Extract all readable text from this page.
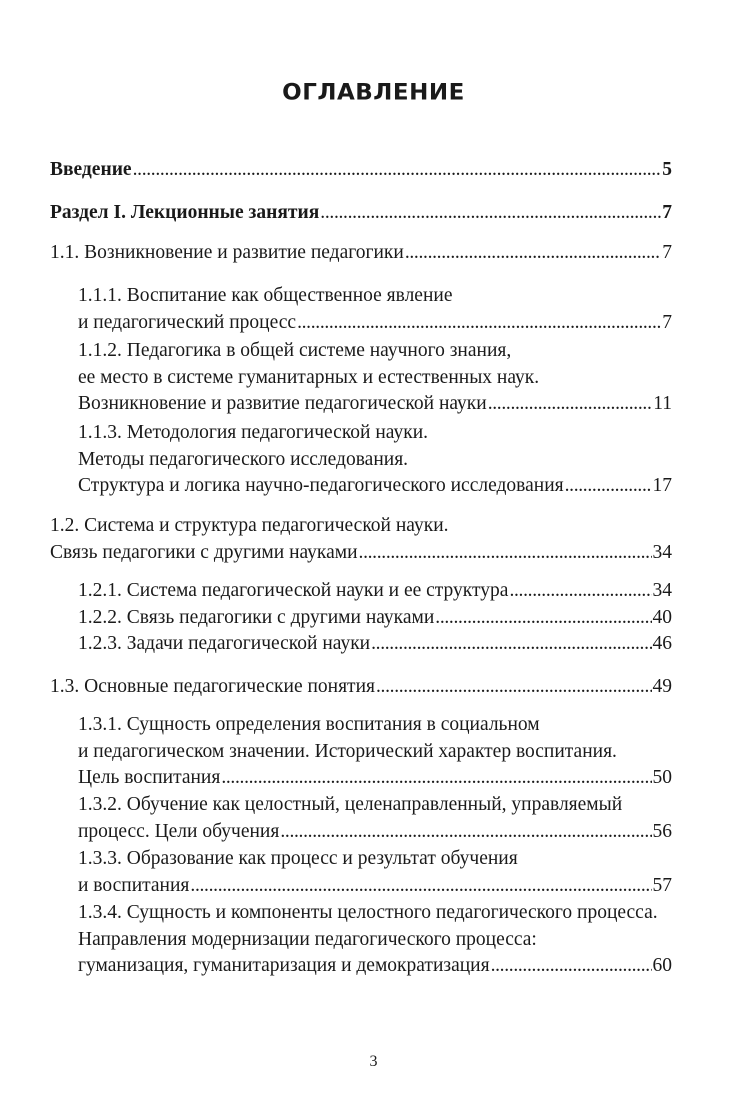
ОГЛАВЛЕНИЕ
Введение . . .	5
Раздел I. Лекционные занятия . . .	7
1.1. Возникновение и развитие педагогики . . .	7
1.1.1. Воспитание как общественное явление
и педагогический процесс . . .	7
1.1.2. Педагогика в общей системе научного знания,
ее место в системе гуманитарных и естественных наук.
Возникновение и развитие педагогической науки . . .	11
1.1.3. Методология педагогической науки.
Методы педагогического исследования.
Структура и логика научно-педагогического исследования . . .	17
1.2. Система и структура педагогической науки.
Связь педагогики с другими науками . . .	34
1.2.1. Система педагогической науки и ее структура . . .	34
1.2.2. Связь педагогики с другими науками . . .	40
1.2.3. Задачи педагогической науки . . .	46
1.3. Основные педагогические понятия . . .	49
1.3.1. Сущность определения воспитания в социальном
и педагогическом значении. Исторический характер воспитания.
Цель воспитания . . .	50
1.3.2. Обучение как целостный, целенаправленный, управляемый
процесс. Цели обучения . . .	56
1.3.3. Образование как процесс и результат обучения
и воспитания . . .	57
1.3.4. Сущность и компоненты целостного педагогического процесса.
Направления модернизации педагогического процесса:
гуманизация, гуманитаризация и демократизация . . .	60
3
